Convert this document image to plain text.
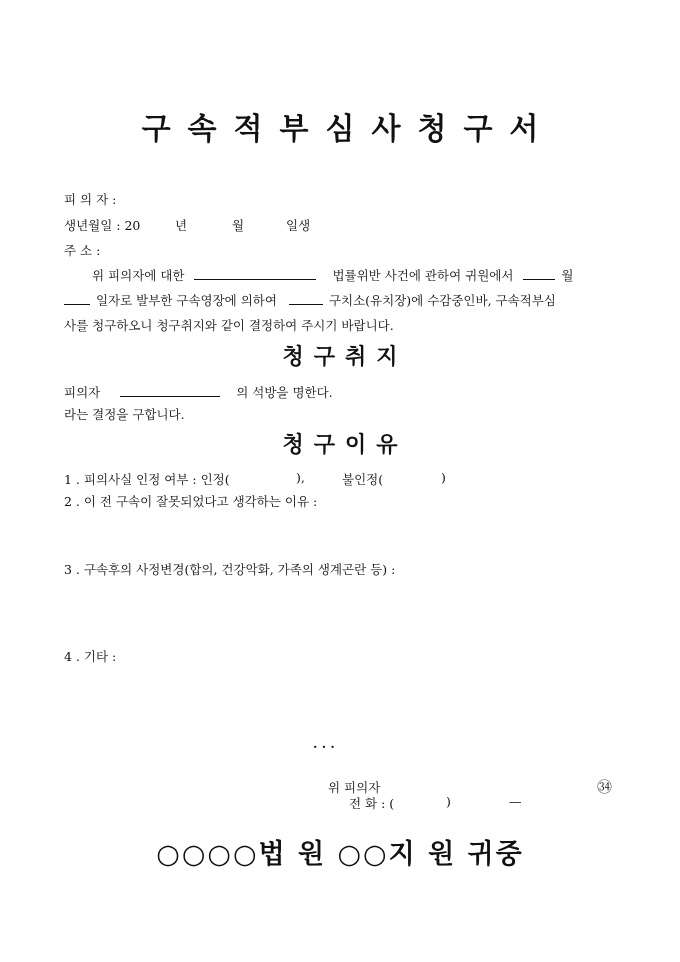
구속적부심사청구서
피 의 자 :
생년월일 : 20	년	월	일생
주 소 :
위 피의자에 대한	법률위반 사건에 관하여 귀원에서	월
일자로 발부한 구속영장에 의하여	구치소(유치장)에 수감중인바, 구속적부심
사를 청구하오니 청구취지와 같이 결정하여 주시기 바랍니다.
청구취지
피의자	의 석방을 명한다.
라는 결정을 구합니다.
청구이유
1 . 피의사실 인정 여부 : 인정(	),	불인정(	)
2 . 이 전 구속이 잘못되었다고 생각하는 이유 :
3 . 구속후의 사정변경(합의, 건강악화, 가족의 생계곤란 등) :
4 . 기타 :
. . .
위 피의자	㉞
전 화 : (	)	—
○○○○법 원 ○○지 원 귀중
